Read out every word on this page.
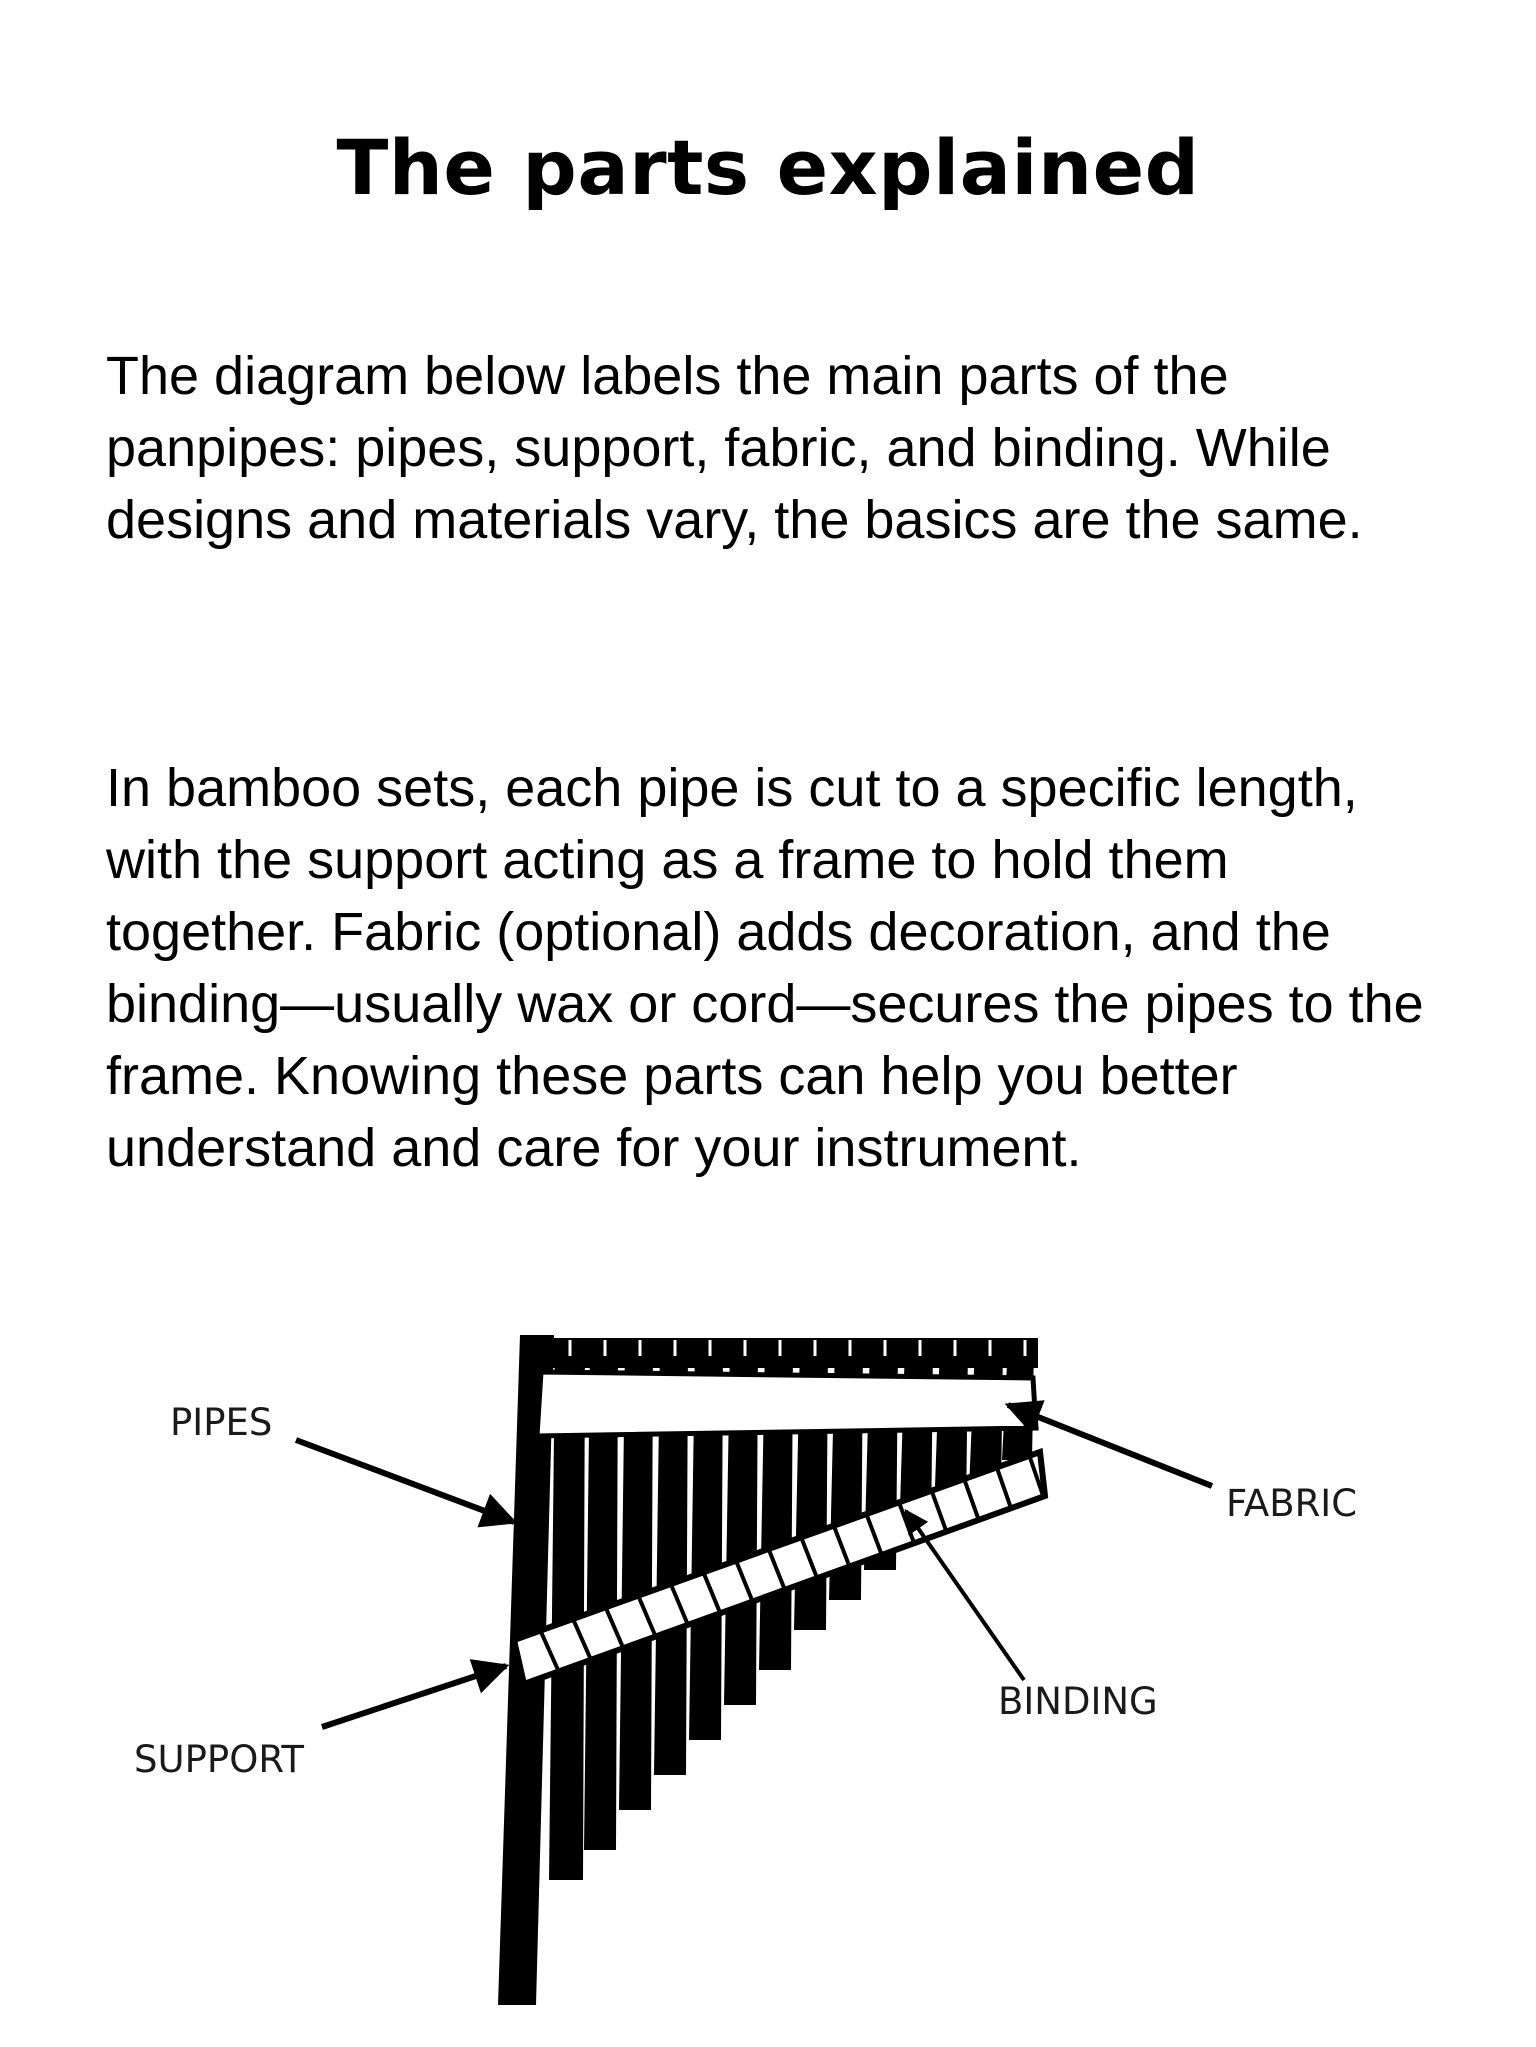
The parts explained

The diagram below labels the main parts of the panpipes: pipes, support, fabric, and binding. While designs and materials vary, the basics are the same.

In bamboo sets, each pipe is cut to a specific length, with the support acting as a frame to hold them together. Fabric (optional) adds decoration, and the binding—usually wax or cord—secures the pipes to the frame. Knowing these parts can help you better understand and care for your instrument.

PIPES
SUPPORT
FABRIC
BINDING
